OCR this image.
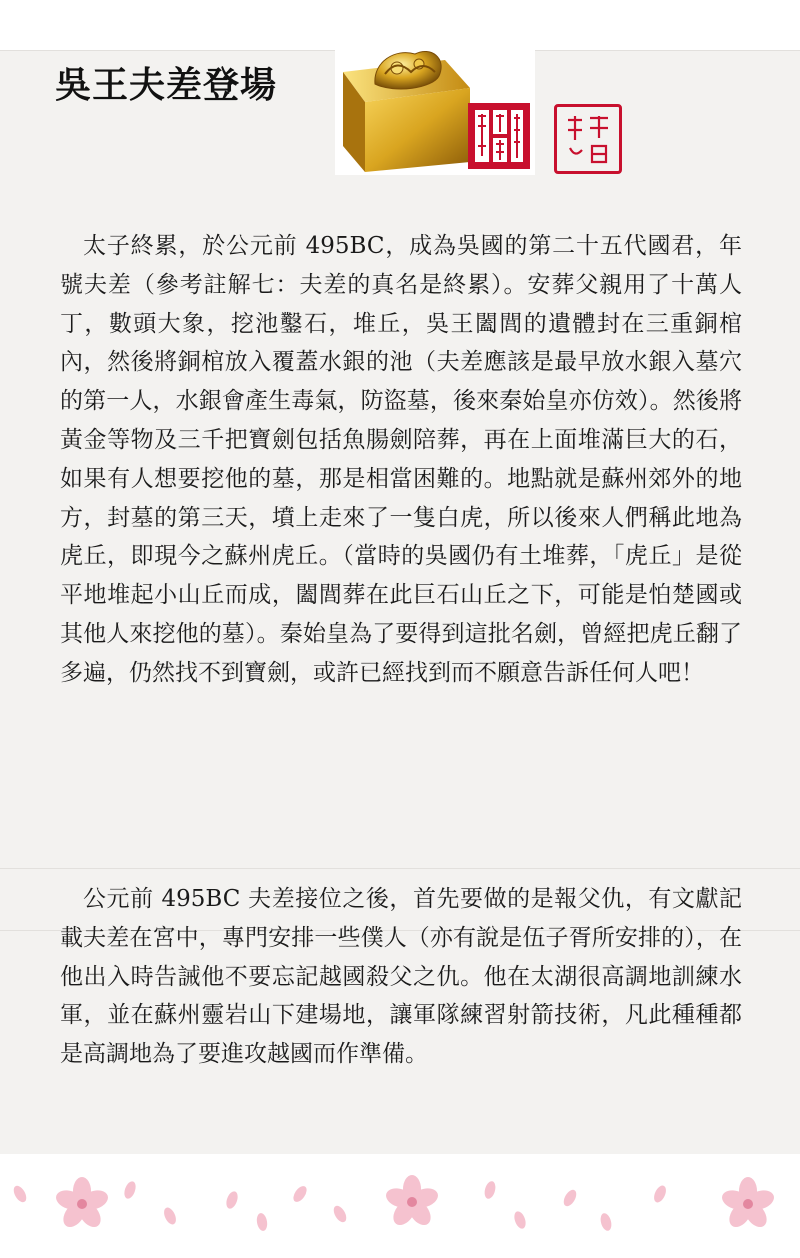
吳王夫差登場
太子終累，於公元前 495BC，成為吳國的第二十五代國君，年號夫差（參考註解七：夫差的真名是終累）。安葬父親用了十萬人丁，數頭大象，挖池鑿石，堆丘，吳王闔閭的遺體封在三重銅棺內，然後將銅棺放入覆蓋水銀的池（夫差應該是最早放水銀入墓穴的第一人，水銀會產生毒氣，防盜墓，後來秦始皇亦仿效）。然後將黃金等物及三千把寶劍包括魚腸劍陪葬，再在上面堆滿巨大的石，如果有人想要挖他的墓，那是相當困難的。地點就是蘇州郊外的地方，封墓的第三天，墳上走來了一隻白虎，所以後來人們稱此地為虎丘，即現今之蘇州虎丘。（當時的吳國仍有土堆葬，「虎丘」是從平地堆起小山丘而成，闔閭葬在此巨石山丘之下，可能是怕楚國或其他人來挖他的墓）。秦始皇為了要得到這批名劍，曾經把虎丘翻了多遍，仍然找不到寶劍，或許已經找到而不願意告訴任何人吧！
公元前 495BC 夫差接位之後，首先要做的是報父仇，有文獻記載夫差在宮中，專門安排一些僕人（亦有說是伍子胥所安排的），在他出入時告誡他不要忘記越國殺父之仇。他在太湖很高調地訓練水軍，並在蘇州靈岩山下建場地，讓軍隊練習射箭技術，凡此種種都是高調地為了要進攻越國而作準備。
